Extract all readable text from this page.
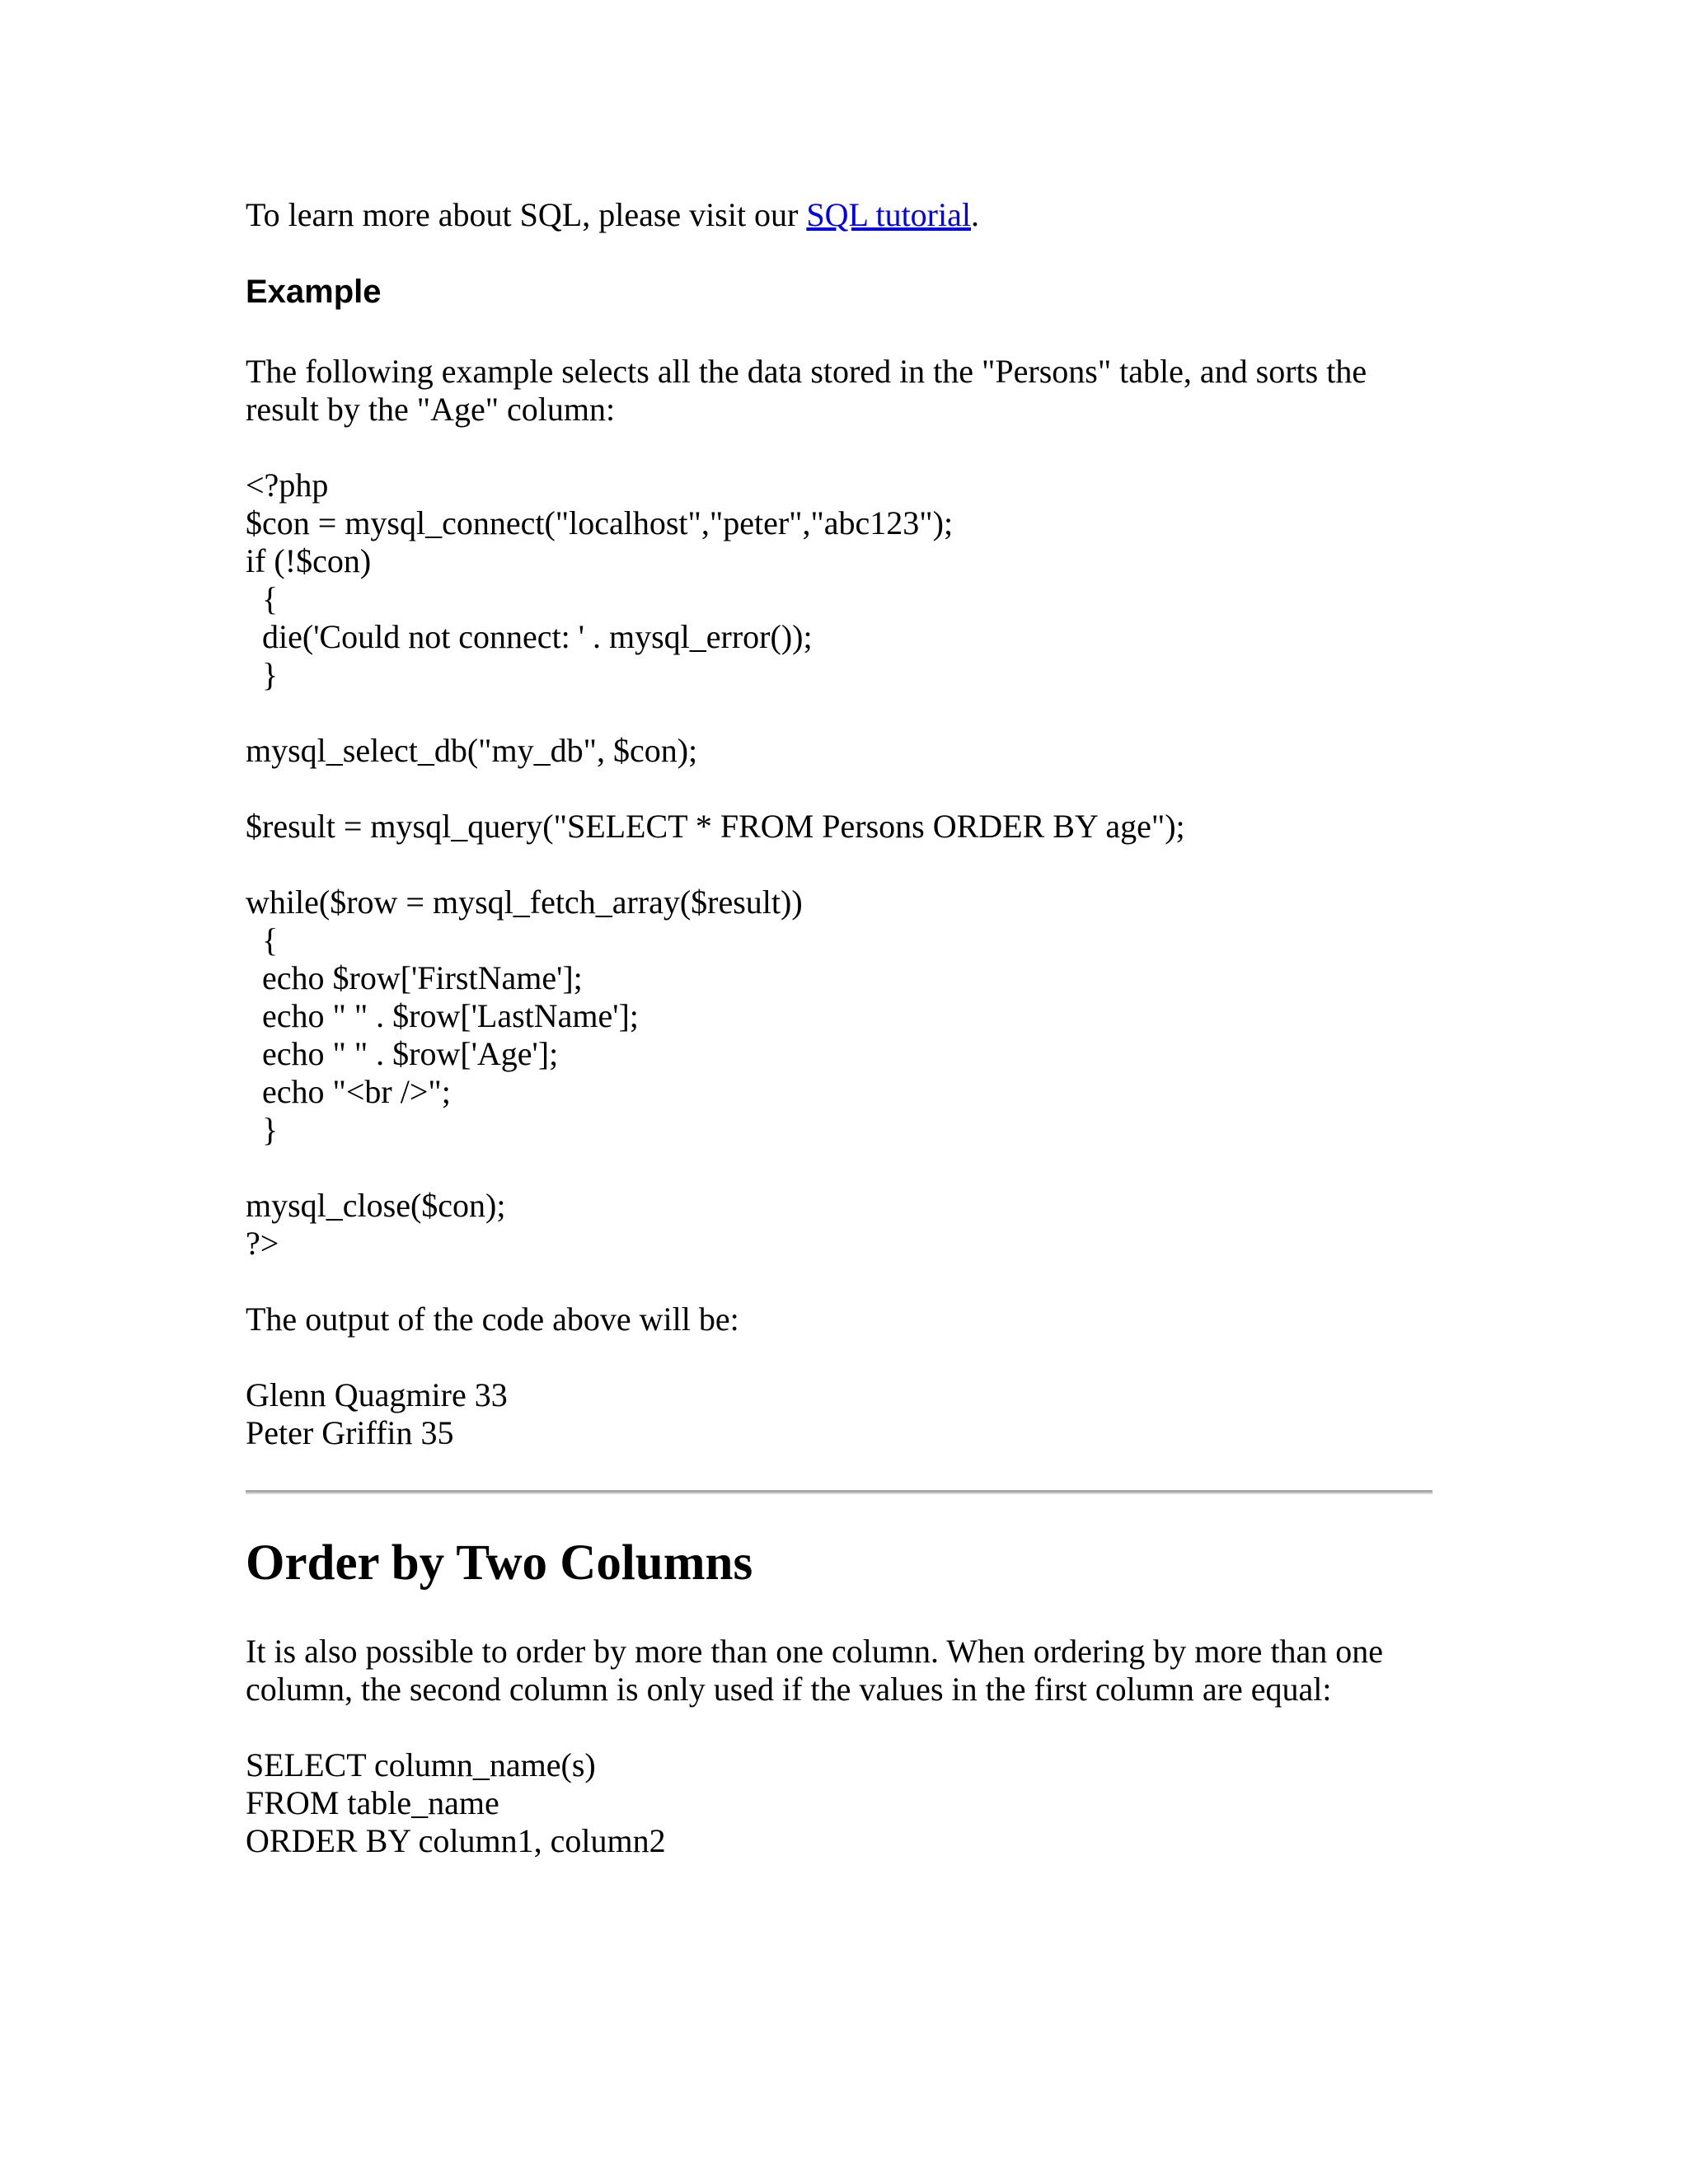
To learn more about SQL, please visit our SQL tutorial.
Example
The following example selects all the data stored in the "Persons" table, and sorts the
result by the "Age" column:
<?php
$con = mysql_connect("localhost","peter","abc123");
if (!$con)
{
die('Could not connect: ' . mysql_error());
}
mysql_select_db("my_db", $con);
$result = mysql_query("SELECT * FROM Persons ORDER BY age");
while($row = mysql_fetch_array($result))
{
echo $row['FirstName'];
echo " " . $row['LastName'];
echo " " . $row['Age'];
echo "<br />";
}
mysql_close($con);
?>
The output of the code above will be:
Glenn Quagmire 33
Peter Griffin 35
Order by Two Columns
It is also possible to order by more than one column. When ordering by more than one
column, the second column is only used if the values in the first column are equal:
SELECT column_name(s)
FROM table_name
ORDER BY column1, column2
